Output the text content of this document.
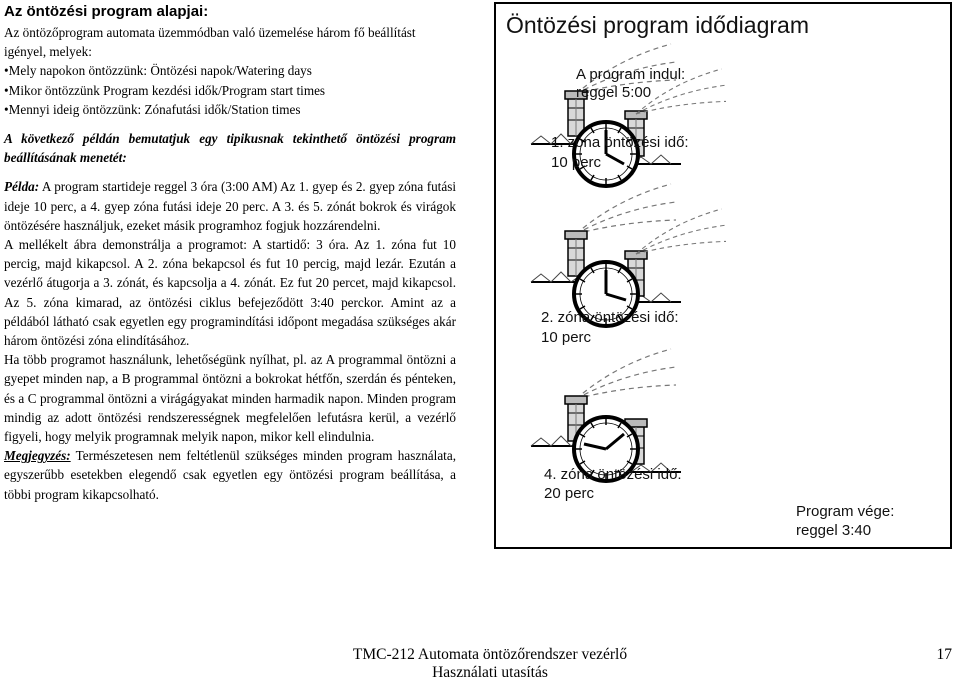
Az öntözési program alapjai:

Az öntözőprogram automata üzemmódban való üzemelése három fő beállítást igényel, melyek:

•Mely napokon öntözzünk: Öntözési napok/Watering days

•Mikor öntözzünk Program kezdési idők/Program start times

•Mennyi ideig öntözzünk: Zónafutási idők/Station times

A következő példán bemutatjuk egy tipikusnak tekinthető öntözési program beállításának menetét:

Példa: A program startideje reggel 3 óra (3:00 AM) Az 1. gyep és 2. gyep zóna futási ideje 10 perc, a 4. gyep zóna futási ideje 20 perc. A 3. és 5. zónát bokrok és virágok öntözésére használjuk, ezeket másik programhoz fogjuk hozzárendelni.

A mellékelt ábra demonstrálja a programot: A startidő: 3 óra. Az 1. zóna fut 10 percig, majd kikapcsol. A 2. zóna bekapcsol és fut 10 percig, majd lezár. Ezután a vezérlő átugorja a 3. zónát, és kapcsolja a 4. zónát. Ez fut 20 percet, majd kikapcsol. Az 5. zóna kimarad, az öntözési ciklus befejeződött 3:40 perckor. Amint az a példából látható csak egyetlen egy programindítási időpont megadása szükséges akár három öntözési zóna elindításához.

Ha több programot használunk, lehetőségünk nyílhat, pl. az A programmal öntözni a gyepet minden nap, a B programmal öntözni a bokrokat hétfőn, szerdán és pénteken, és a C programmal öntözni a virágágyakat minden harmadik napon. Minden program mindig az adott öntözési rendszerességnek megfelelően lefutásra kerül, a vezérlő figyeli, hogy melyik programnak melyik napon, mikor kell elindulnia.

Megjegyzés: Természetesen nem feltétlenül szükséges minden program használata, egyszerűbb esetekben elegendő csak egyetlen egy öntözési program beállítása, a többi program kikapcsolható.

Öntözési program idődiagram
A program indul:
reggel 5:00
1. zóna öntözési idő:
10 perc
2. zóna öntözési idő:
10 perc
4. zóna öntözési idő:
20 perc
Program vége:
reggel 3:40
TMC-212 Automata öntözőrendszer vezérlő
Használati utasítás
17
